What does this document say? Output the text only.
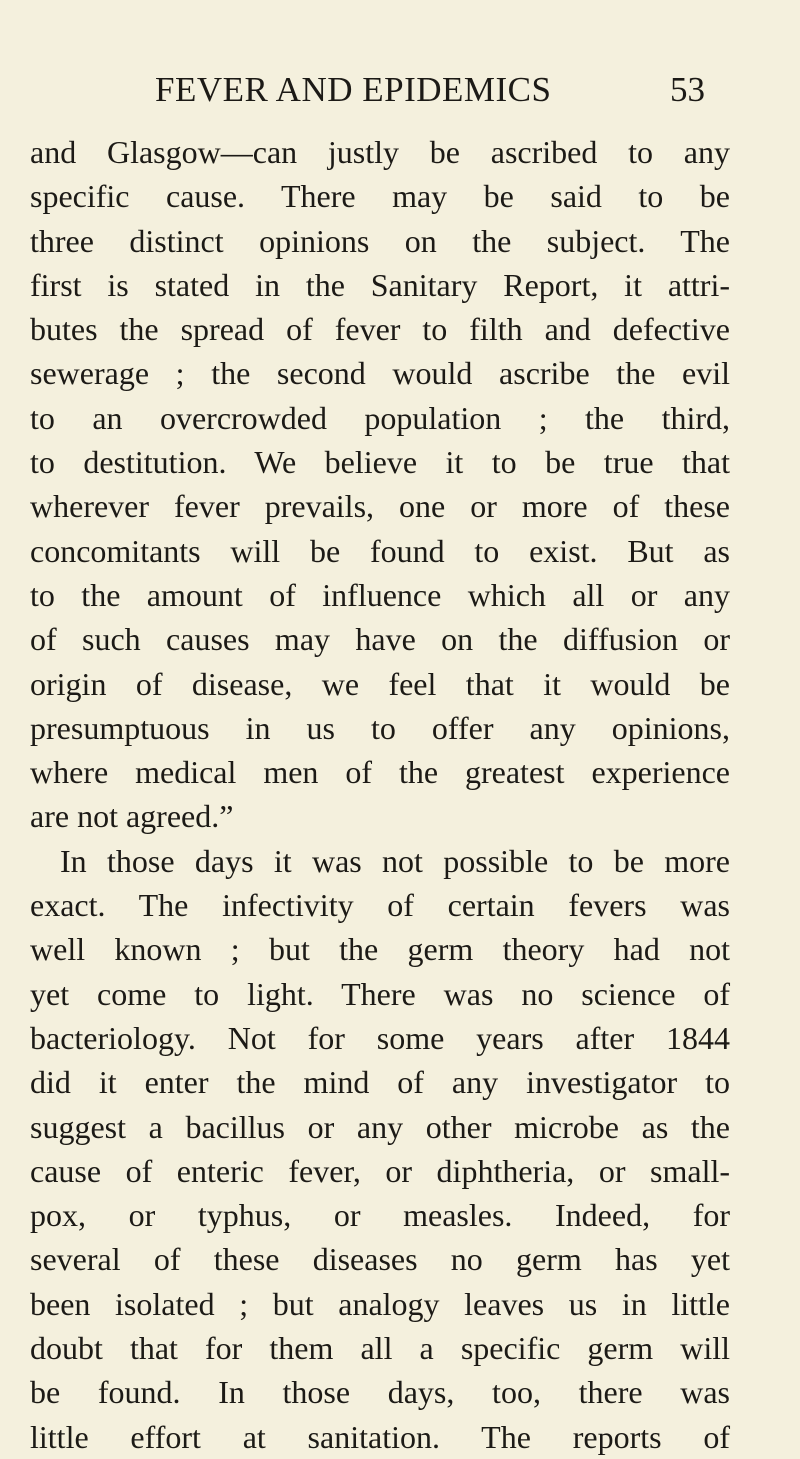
FEVER AND EPIDEMICS	53
and Glasgow—can justly be ascribed to any
specific cause. There may be said to be
three distinct opinions on the subject. The
first is stated in the Sanitary Report, it attri-
butes the spread of fever to filth and defective
sewerage ; the second would ascribe the evil
to an overcrowded population ; the third,
to destitution. We believe it to be true that
wherever fever prevails, one or more of these
concomitants will be found to exist. But as
to the amount of influence which all or any
of such causes may have on the diffusion or
origin of disease, we feel that it would be
presumptuous in us to offer any opinions,
where medical men of the greatest experience
are not agreed.”
In those days it was not possible to be more
exact. The infectivity of certain fevers was
well known ; but the germ theory had not
yet come to light. There was no science of
bacteriology. Not for some years after 1844
did it enter the mind of any investigator to
suggest a bacillus or any other microbe as the
cause of enteric fever, or diphtheria, or small-
pox, or typhus, or measles. Indeed, for
several of these diseases no germ has yet
been isolated ; but analogy leaves us in little
doubt that for them all a specific germ will
be found. In those days, too, there was
little effort at sanitation. The reports of
